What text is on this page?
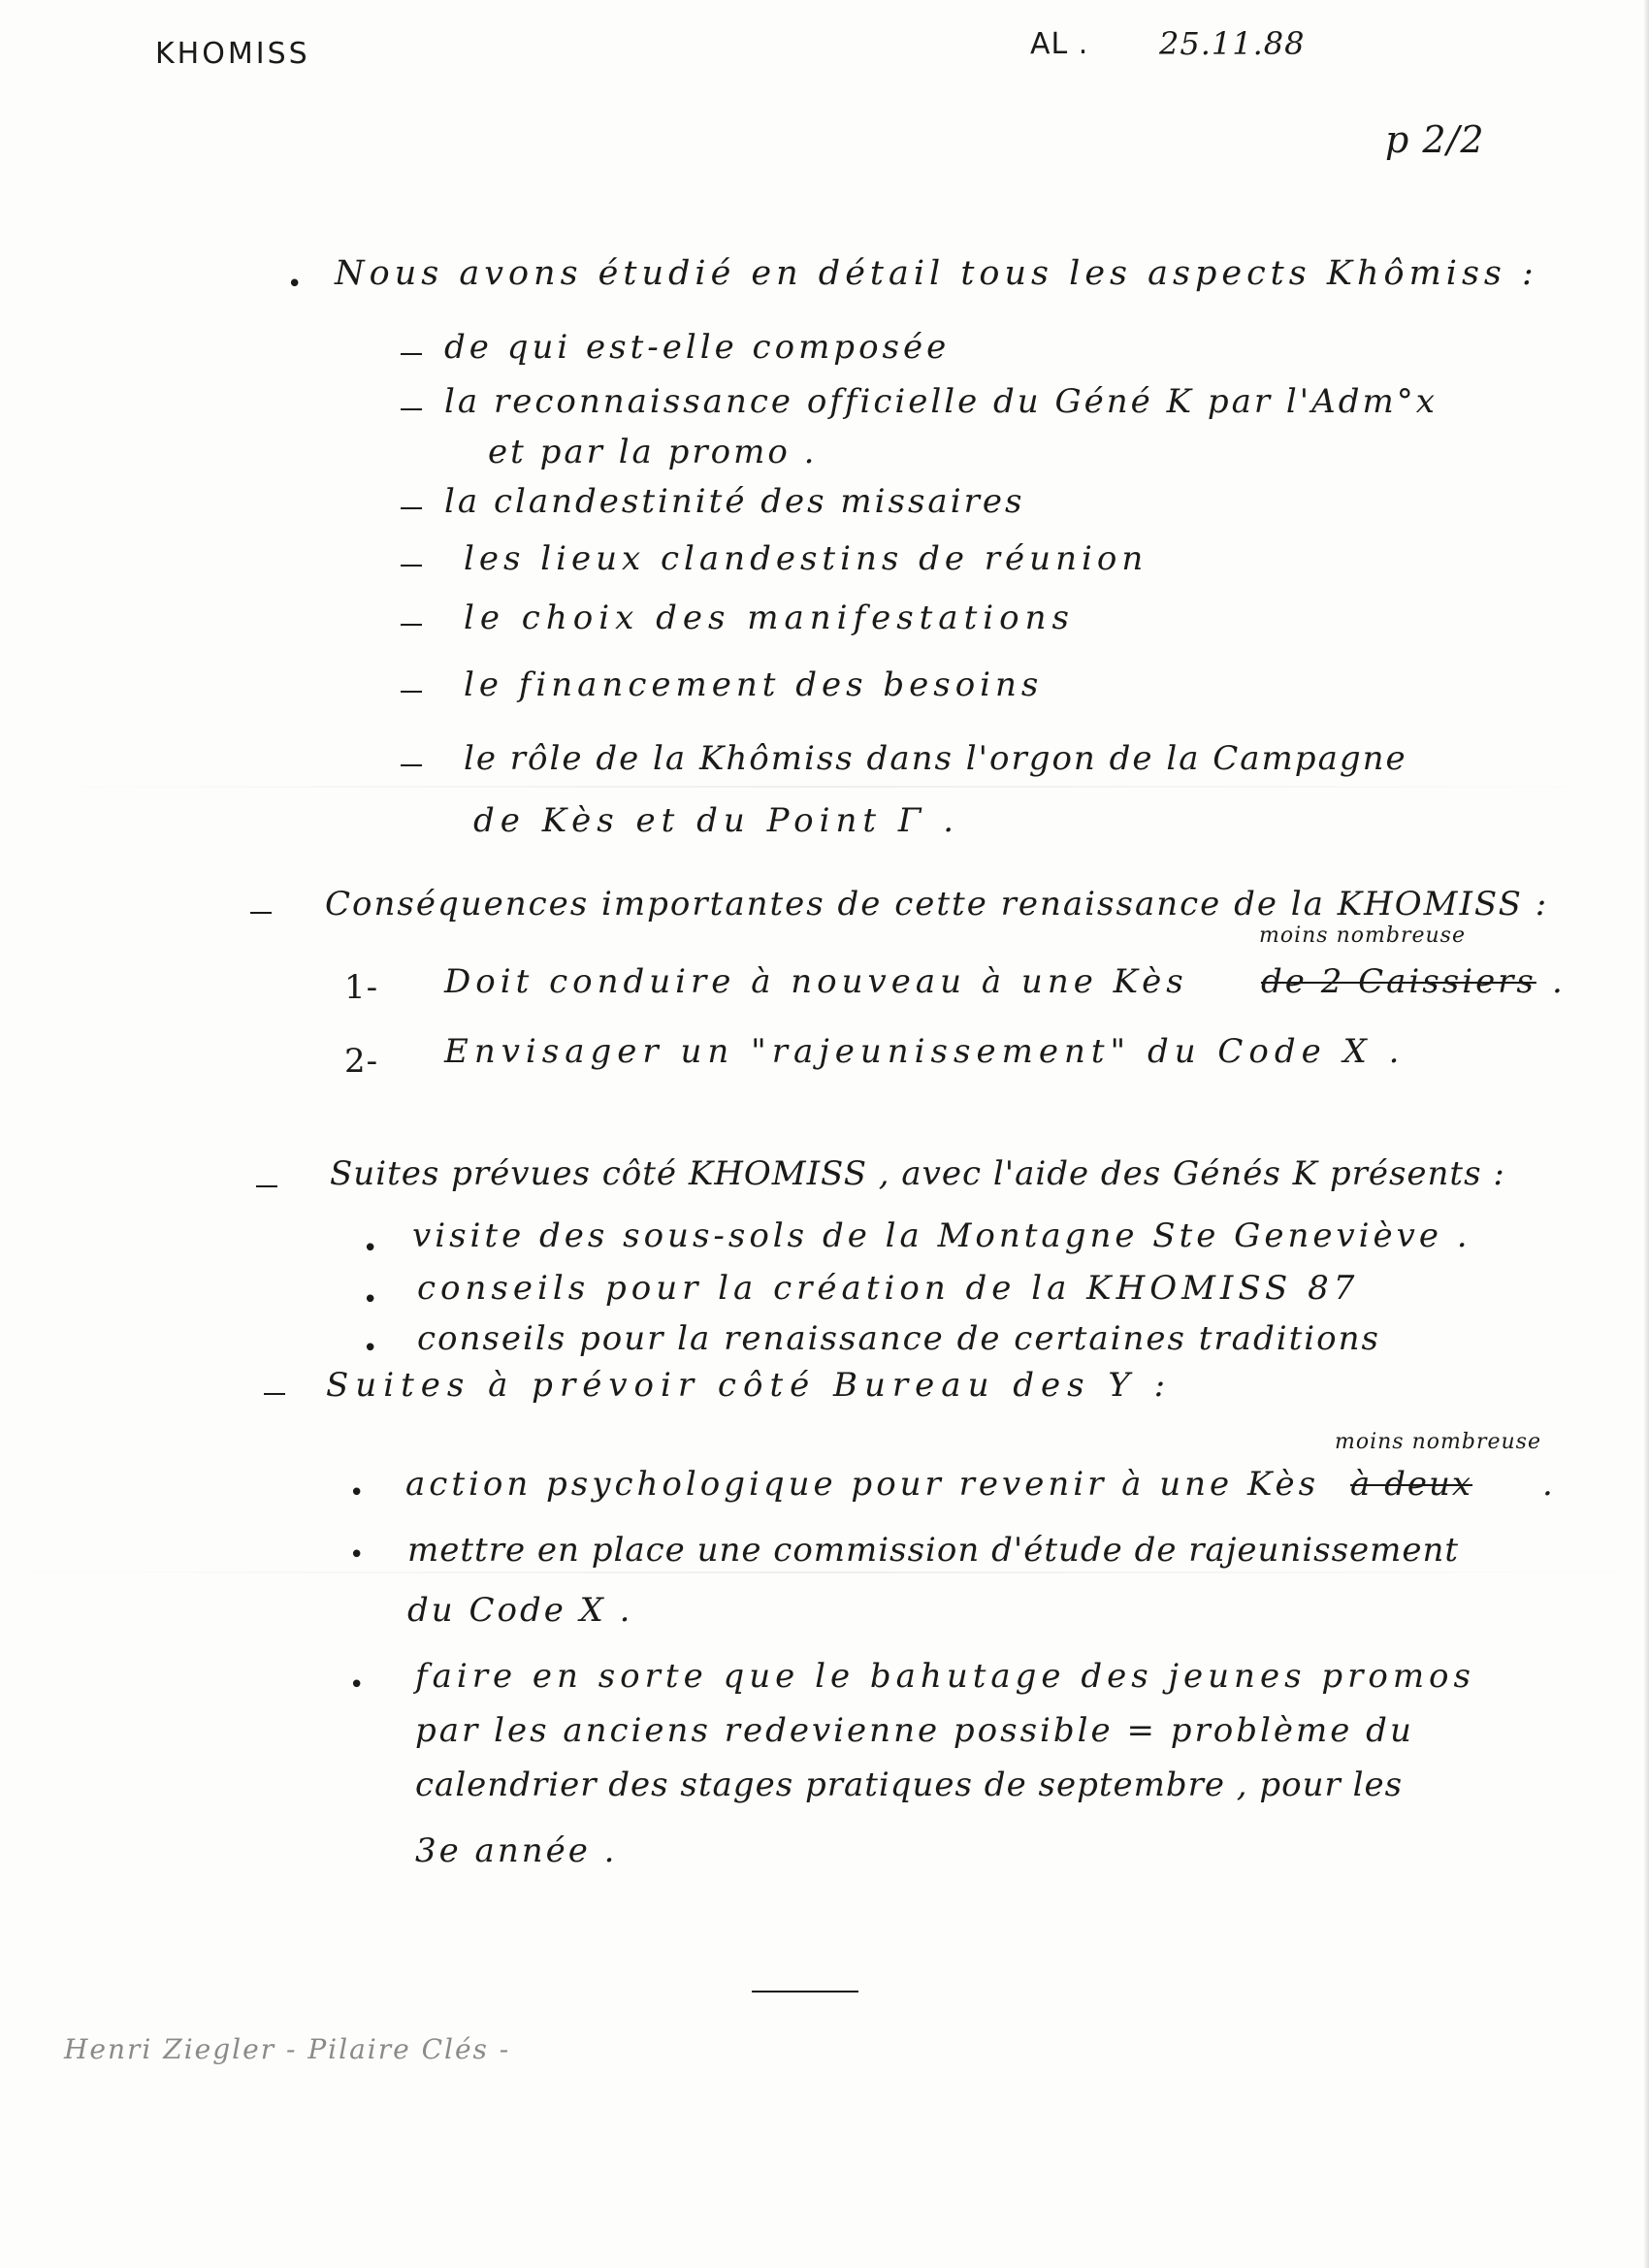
KHOMISS	AL . 25.11.88
p 2/2
• Nous avons étudié en détail tous les aspects Khômiss :
de qui est-elle composée
la reconnaissance officielle du Géné K par l'Adm°x
et par la promo .
la clandestinité des missaires
les lieux clandestins de réunion
le choix des manifestations
le financement des besoins
le rôle de la Khômiss dans l'orgon de la Campagne
de Kès et du Point Γ .
Conséquences importantes de cette renaissance de la KHOMISS :
1- Doit conduire à nouveau à une Kès
moins nombreuse
de 2 Caissiers .
2- Envisager un "rajeunissement" du Code X .
Suites prévues côté KHOMISS , avec l'aide des Génés K présents :
• visite des sous-sols de la Montagne Ste Geneviève .
• conseils pour la création de la KHOMISS 87
• conseils pour la renaissance de certaines traditions
Suites à prévoir côté Bureau des Y :
• action psychologique pour revenir à une Kès
moins nombreuse
à deux .
• mettre en place une commission d'étude de rajeunissement
du Code X .
• faire en sorte que le bahutage des jeunes promos
par les anciens redevienne possible = problème du
calendrier des stages pratiques de septembre , pour les
3e année .
Henri Ziegler - Pilaire Clés -
